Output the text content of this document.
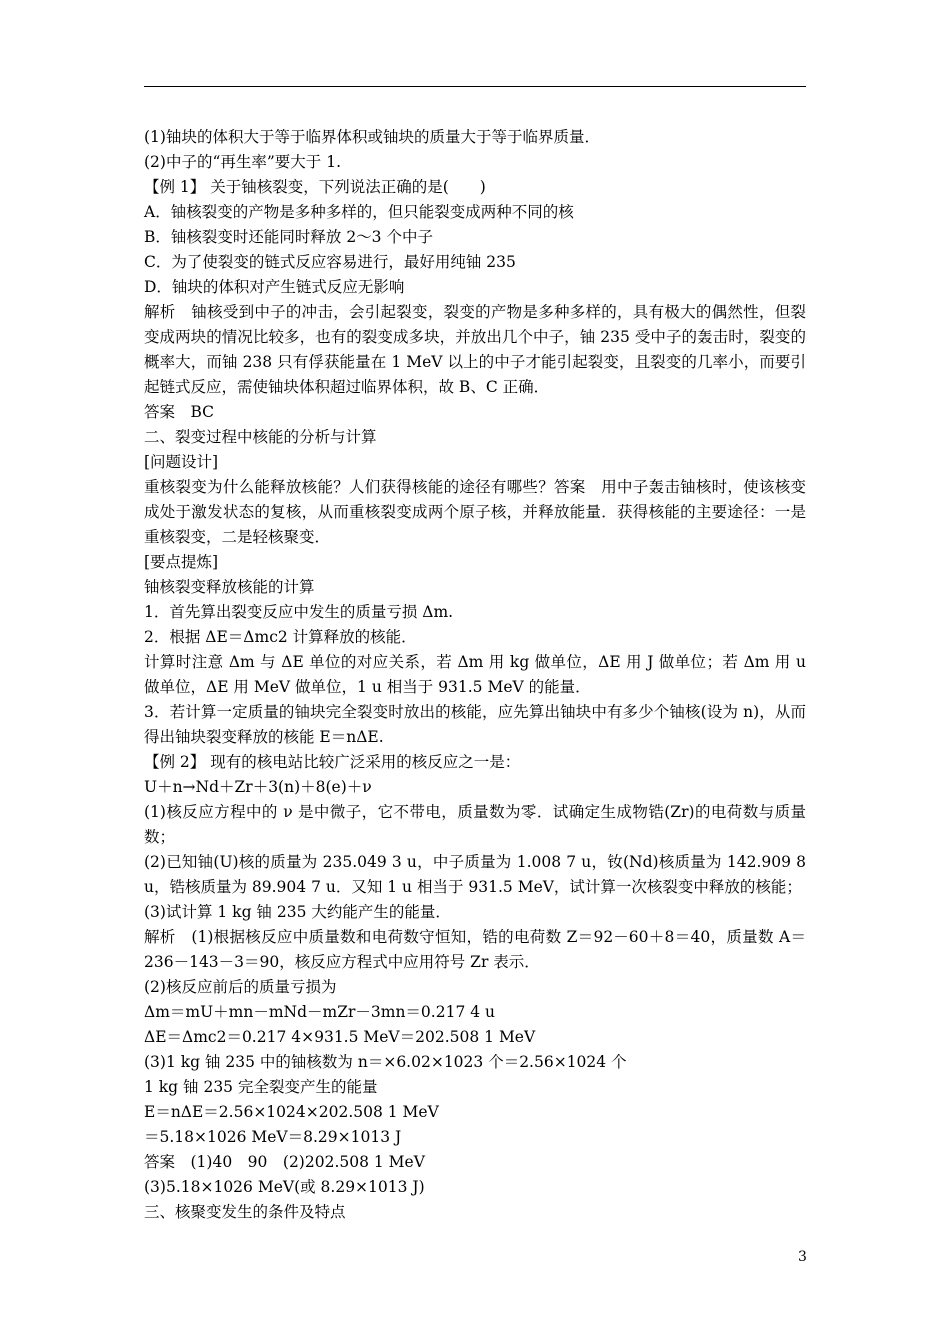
(1)铀块的体积大于等于临界体积或铀块的质量大于等于临界质量．

(2)中子的“再生率”要大于 1.

【例 1】 关于铀核裂变，下列说法正确的是(　　)

A．铀核裂变的产物是多种多样的，但只能裂变成两种不同的核

B．铀核裂变时还能同时释放 2～3 个中子

C．为了使裂变的链式反应容易进行，最好用纯铀 235

D．铀块的体积对产生链式反应无影响

解析　铀核受到中子的冲击，会引起裂变，裂变的产物是多种多样的，具有极大的偶然性，但裂变成两块的情况比较多，也有的裂变成多块，并放出几个中子，铀 235 受中子的轰击时，裂变的概率大，而铀 238 只有俘获能量在 1 MeV 以上的中子才能引起裂变，且裂变的几率小，而要引起链式反应，需使铀块体积超过临界体积，故 B、C 正确．

答案　BC

二、裂变过程中核能的分析与计算

[问题设计]

重核裂变为什么能释放核能？人们获得核能的途径有哪些？答案　用中子轰击铀核时，使该核变成处于激发状态的复核，从而重核裂变成两个原子核，并释放能量．获得核能的主要途径：一是重核裂变，二是轻核聚变．

[要点提炼]

铀核裂变释放核能的计算

1．首先算出裂变反应中发生的质量亏损 Δm.

2．根据 ΔE＝Δmc2 计算释放的核能．

计算时注意 Δm 与 ΔE 单位的对应关系，若 Δm 用 kg 做单位，ΔE 用 J 做单位；若 Δm 用 u 做单位，ΔE 用 MeV 做单位，1 u 相当于 931.5 MeV 的能量．

3．若计算一定质量的铀块完全裂变时放出的核能，应先算出铀块中有多少个铀核(设为 n)，从而得出铀块裂变释放的核能 E＝nΔE.

【例 2】 现有的核电站比较广泛采用的核反应之一是：

U＋n→Nd＋Zr＋3(n)＋8(e)＋ν

(1)核反应方程中的 ν 是中微子，它不带电，质量数为零．试确定生成物锆(Zr)的电荷数与质量数；

(2)已知铀(U)核的质量为 235.049 3 u，中子质量为 1.008 7 u，钕(Nd)核质量为 142.909 8 u，锆核质量为 89.904 7 u．又知 1 u 相当于 931.5 MeV，试计算一次核裂变中释放的核能；

(3)试计算 1 kg 铀 235 大约能产生的能量．

解析　(1)根据核反应中质量数和电荷数守恒知，锆的电荷数 Z＝92－60＋8＝40，质量数 A＝236－143－3＝90，核反应方程式中应用符号 Zr 表示．

(2)核反应前后的质量亏损为

Δm＝mU＋mn－mNd－mZr－3mn＝0.217 4 u

ΔE＝Δmc2＝0.217 4×931.5 MeV＝202.508 1 MeV

(3)1 kg 铀 235 中的铀核数为 n＝×6.02×1023 个＝2.56×1024 个

1 kg 铀 235 完全裂变产生的能量

E＝nΔE＝2.56×1024×202.508 1 MeV

＝5.18×1026 MeV＝8.29×1013 J

答案　(1)40　90　(2)202.508 1 MeV

(3)5.18×1026 MeV(或 8.29×1013 J)

三、核聚变发生的条件及特点

3
